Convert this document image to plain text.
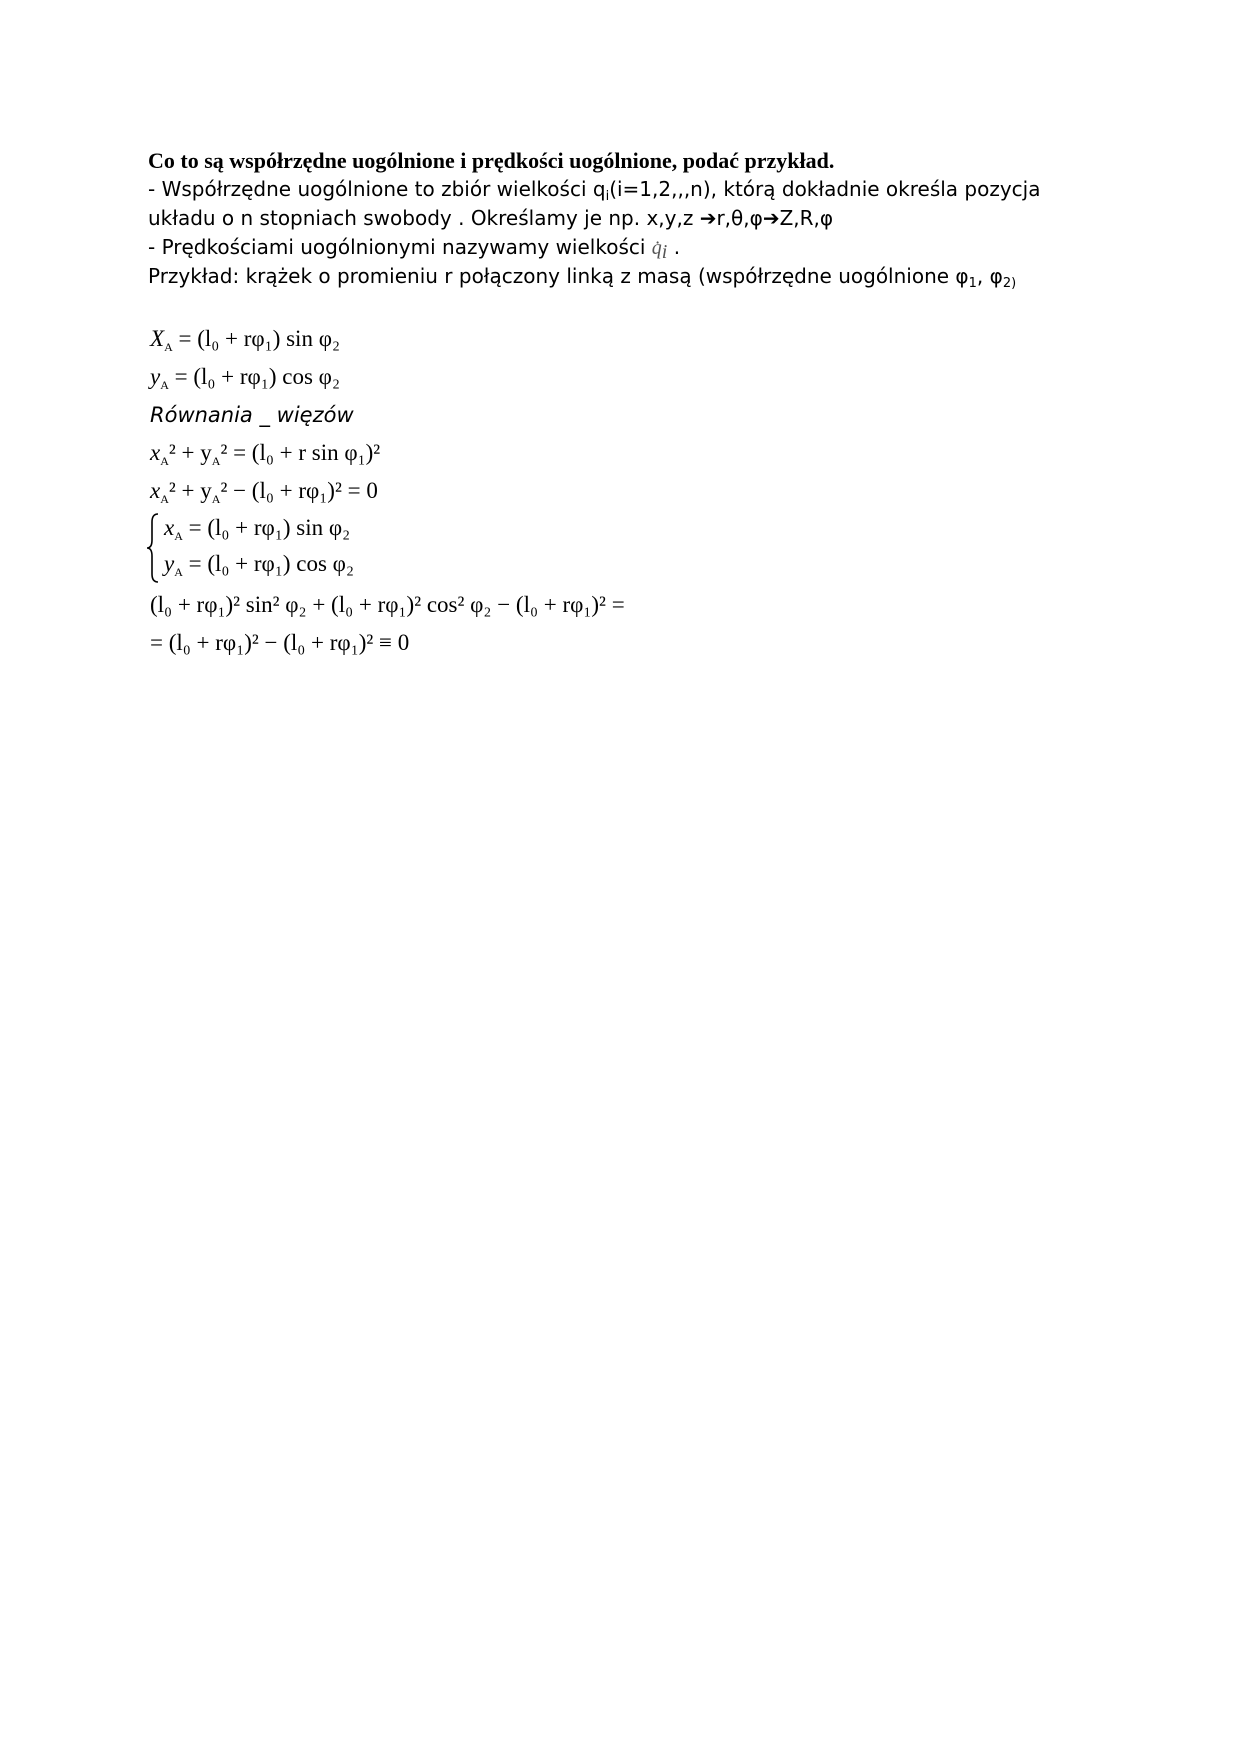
Co to są współrzędne uogólnione i prędkości uogólnione, podać przykład.
- Współrzędne uogólnione to zbiór wielkości $q_i(i=1,2,,,n)$, którą dokładnie określa pozycja
układu o n stopniach swobody . Określamy je np. x,y,z ➔r,θ,φ➔Z,R,φ
- Prędkościami uogólnionymi nazywamy wielkości $q̇_i$ .
Przykład: krążek o promieniu r połączony linką z masą (współrzędne uogólnione $\varphi_1$, $\varphi_{2)}$
$X_A = (l_0 + r\varphi_1)$ sin φ₂
$y_A = (l_0 + r\varphi_1)$ cos φ₂
Równania _ więzów
$x_A^2 + y_A^2 = (l_0 + r$ sin φ₁)²
$x_A^2 + y_A^2 - (l_0 + r\varphi_1)^2 = 0$
$x_A = (l_0 + r\varphi_1)$ sin φ₂
$y_A = (l_0 + r\varphi_1)$ cos φ₂
(l₀ + rφ₁)² sin² φ₂ + (l₀ + rφ₁)² cos² φ₂ − (l₀ + rφ₁)² =
= (l₀ + rφ₁)² − (l₀ + rφ₁)² ≡ 0
